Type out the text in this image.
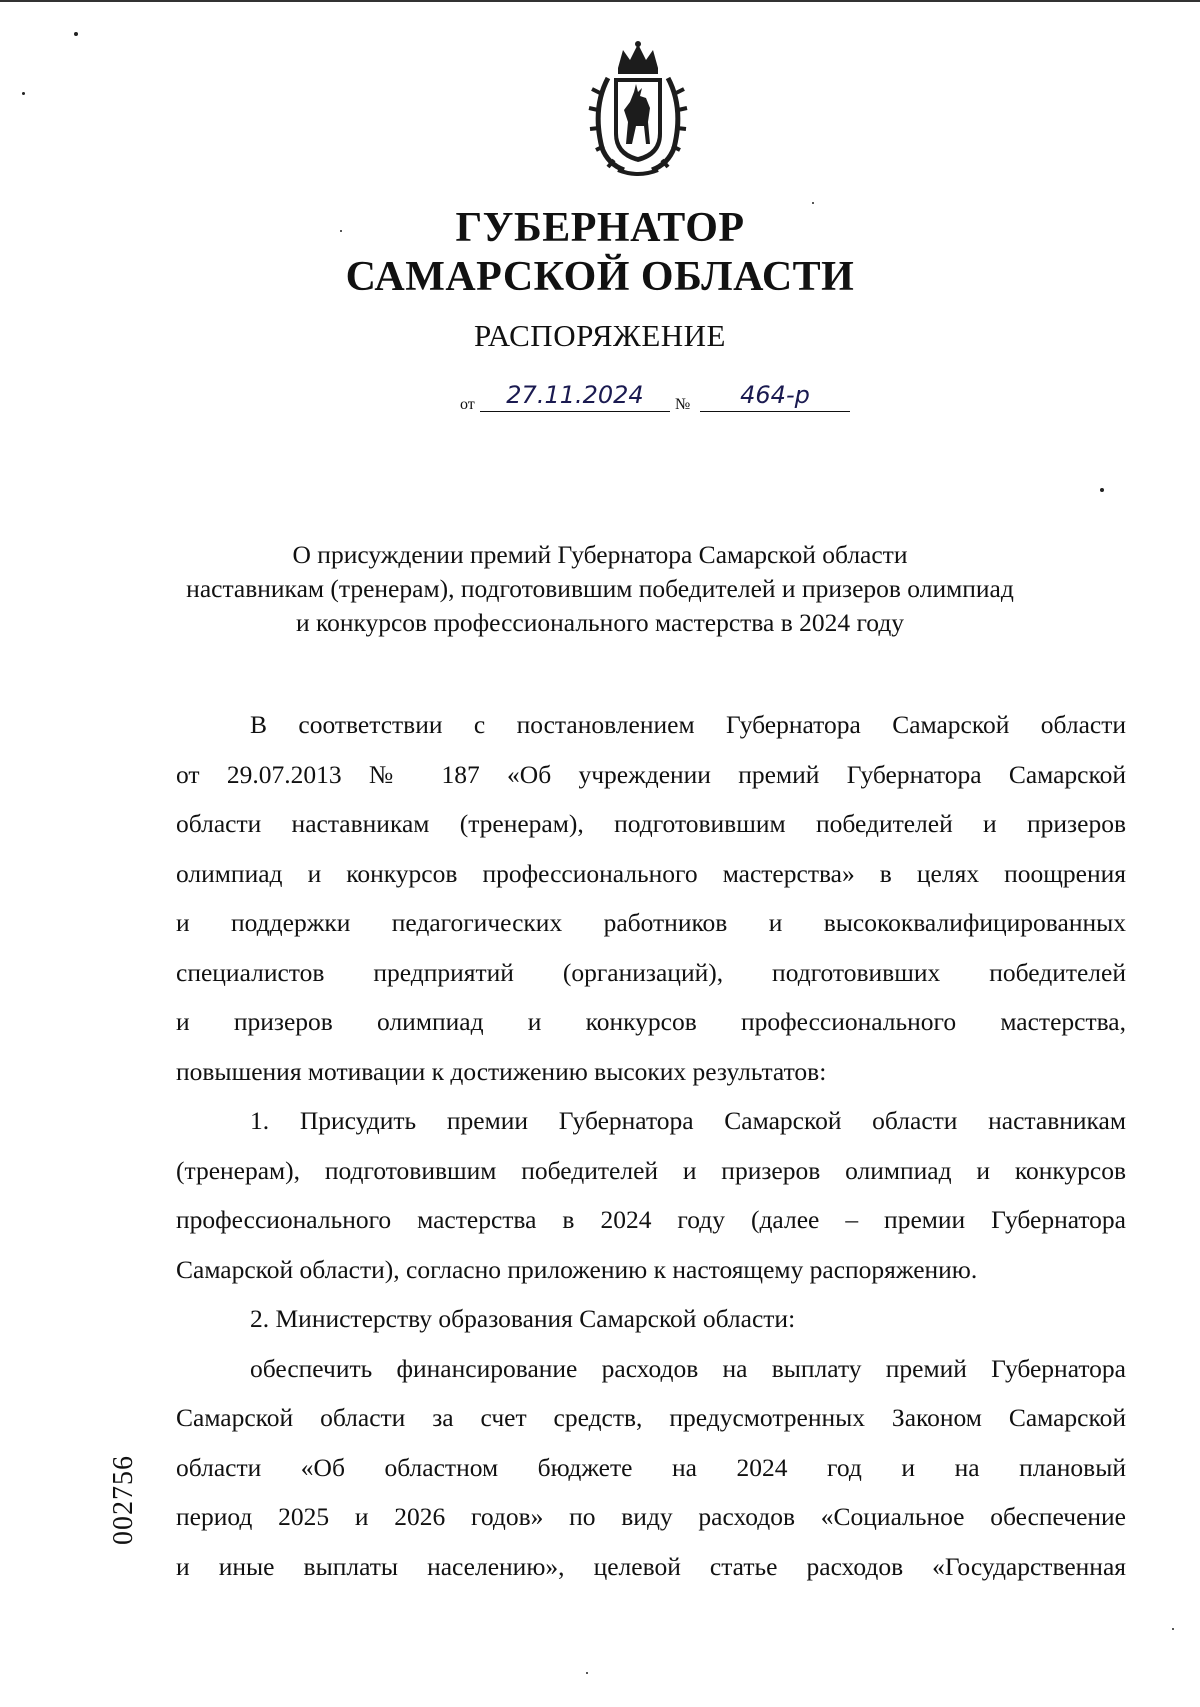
ГУБЕРНАТОР
САМАРСКОЙ ОБЛАСТИ
РАСПОРЯЖЕНИЕ
от	27.11.2024	№	464-р
О присуждении премий Губернатора Самарской области
наставникам (тренерам), подготовившим победителей и призеров олимпиад
и конкурсов профессионального мастерства в 2024 году
В соответствии с постановлением Губернатора Самарской области
от 29.07.2013 № 187 «Об учреждении премий Губернатора Самарской
области наставникам (тренерам), подготовившим победителей и призеров
олимпиад и конкурсов профессионального мастерства» в целях поощрения
и поддержки педагогических работников и высококвалифицированных
специалистов предприятий (организаций), подготовивших победителей
и призеров олимпиад и конкурсов профессионального мастерства,
повышения мотивации к достижению высоких результатов:
1. Присудить премии Губернатора Самарской области наставникам
(тренерам), подготовившим победителей и призеров олимпиад и конкурсов
профессионального мастерства в 2024 году (далее – премии Губернатора
Самарской области), согласно приложению к настоящему распоряжению.
2. Министерству образования Самарской области:
обеспечить финансирование расходов на выплату премий Губернатора
Самарской области за счет средств, предусмотренных Законом Самарской
области «Об областном бюджете на 2024 год и на плановый
период 2025 и 2026 годов» по виду расходов «Социальное обеспечение
и иные выплаты населению», целевой статье расходов «Государственная
002756
